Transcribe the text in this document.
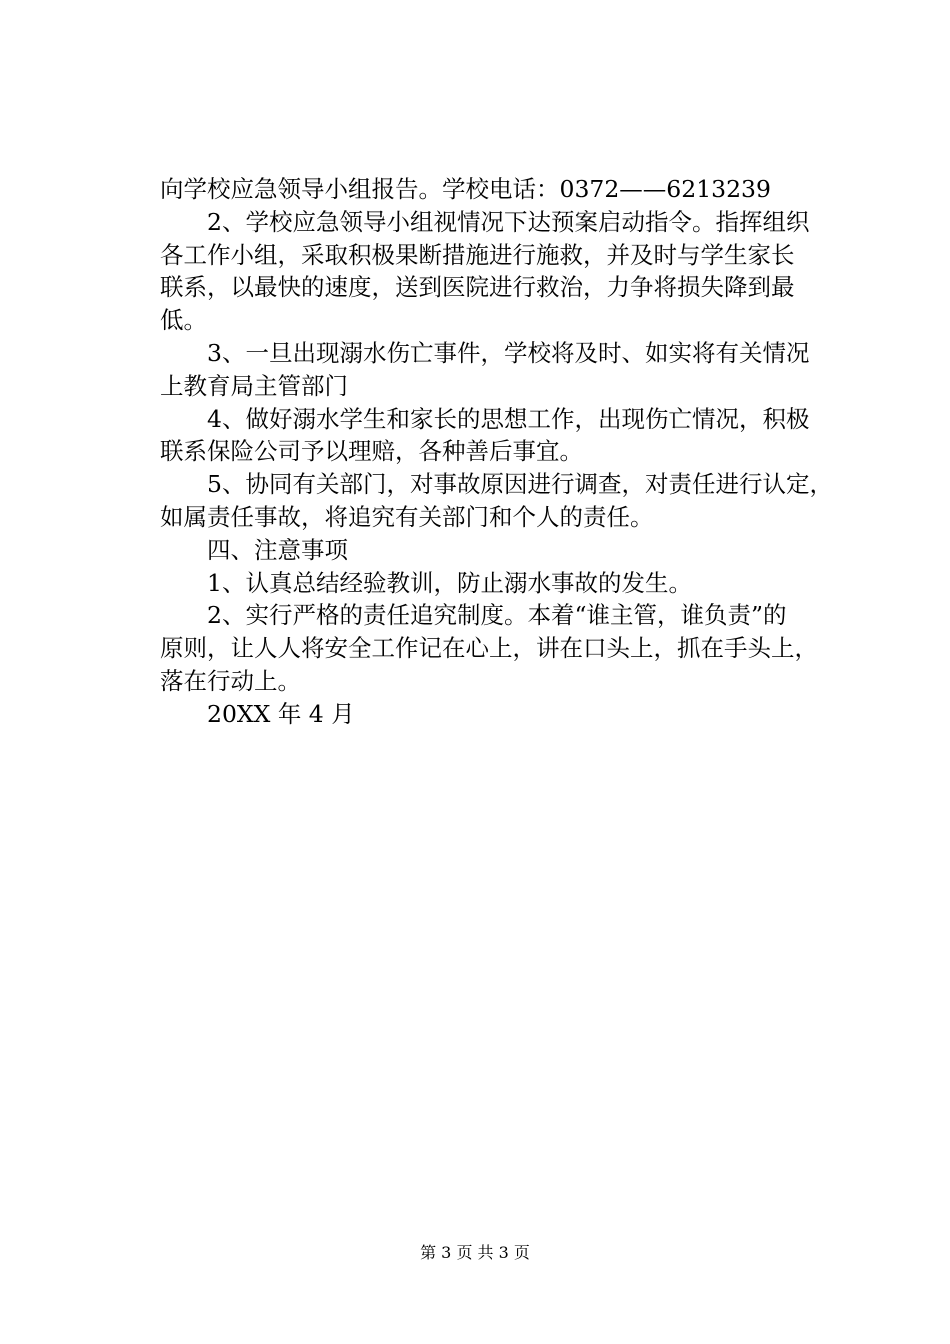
向学校应急领导小组报告。学校电话：0372——6213239
2、学校应急领导小组视情况下达预案启动指令。指挥组织
各工作小组，采取积极果断措施进行施救，并及时与学生家长
联系，以最快的速度，送到医院进行救治，力争将损失降到最
低。
3、一旦出现溺水伤亡事件，学校将及时、如实将有关情况
上教育局主管部门
4、做好溺水学生和家长的思想工作，出现伤亡情况，积极
联系保险公司予以理赔，各种善后事宜。
5、协同有关部门，对事故原因进行调查，对责任进行认定，
如属责任事故，将追究有关部门和个人的责任。
四、注意事项
1、认真总结经验教训，防止溺水事故的发生。
2、实行严格的责任追究制度。本着“谁主管，谁负责”的
原则，让人人将安全工作记在心上，讲在口头上，抓在手头上，
落在行动上。
20XX 年 4 月
第 3 页 共 3 页
